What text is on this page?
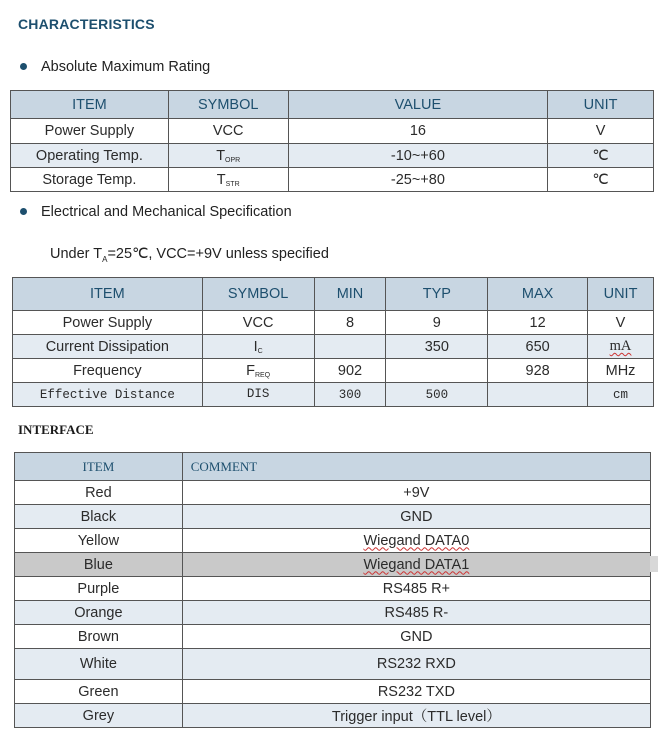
CHARACTERISTICS
Absolute Maximum Rating
ITEM	SYMBOL	VALUE	UNIT
Power Supply	VCC	16	V
Operating Temp.	$T_{OPR}$	-10~+60	℃
Storage Temp.	$T_{STR}$	-25~+80	℃
Electrical and Mechanical Specification
Under $T_A=25℃$, VCC=+9V unless specified
ITEM	SYMBOL	MIN	TYP	MAX	UNIT
Power Supply	VCC	8	9	12	V
Current Dissipation	$I_C$		350	650	mA
Frequency	$F_{REQ}$	902		928	MHz
Effective Distance	DIS	300	500		cm
INTERFACE
ITEM	COMMENT
Red	+9V
Black	GND
Yellow	Wiegand DATA0
Blue	Wiegand DATA1
Purple	RS485 R+
Orange	RS485 R-
Brown	GND
White	RS232 RXD
Green	RS232 TXD
Grey	Trigger input（TTL level）
